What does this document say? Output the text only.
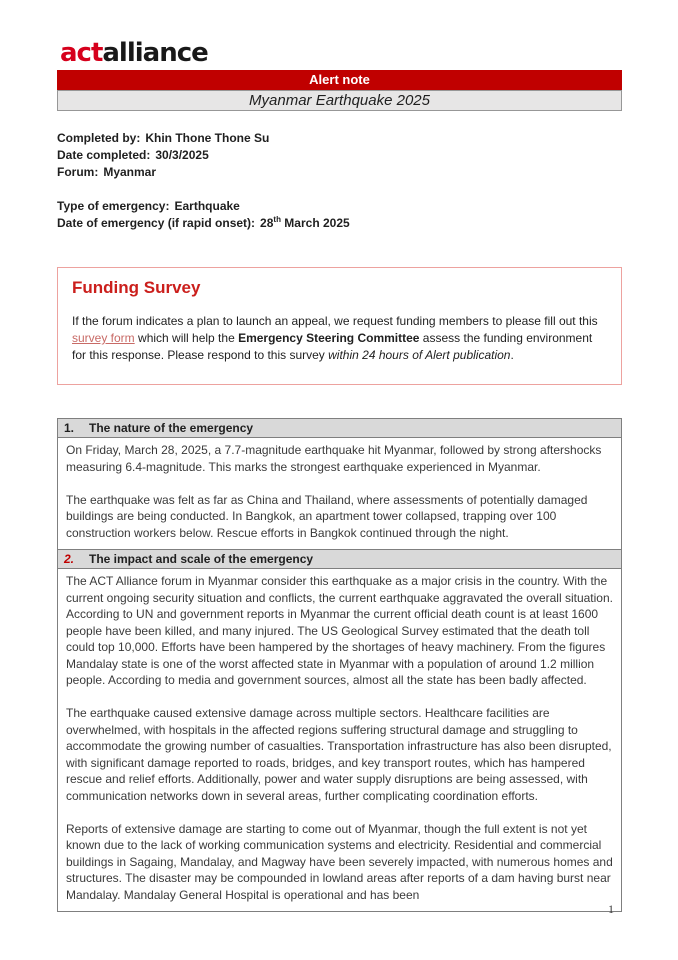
actalliance
Alert note
Myanmar Earthquake 2025

Completed by: Khin Thone Thone Su

Date completed: 30/3/2025

Forum: Myanmar

Type of emergency: Earthquake

Date of emergency (if rapid onset): 28th March 2025

Funding Survey

If the forum indicates a plan to launch an appeal, we request funding members to please fill out this survey form which will help the Emergency Steering Committee assess the funding environment for this response. Please respond to this survey within 24 hours of Alert publication.

1. The nature of the emergency

On Friday, March 28, 2025, a 7.7-magnitude earthquake hit Myanmar, followed by strong aftershocks measuring 6.4-magnitude. This marks the strongest earthquake experienced in Myanmar.

The earthquake was felt as far as China and Thailand, where assessments of potentially damaged buildings are being conducted. In Bangkok, an apartment tower collapsed, trapping over 100 construction workers below. Rescue efforts in Bangkok continued through the night.

2. The impact and scale of the emergency

The ACT Alliance forum in Myanmar consider this earthquake as a major crisis in the country. With the current ongoing security situation and conflicts, the current earthquake aggravated the overall situation. According to UN and government reports in Myanmar the current official death count is at least 1600 people have been killed, and many injured. The US Geological Survey estimated that the death toll could top 10,000. Efforts have been hampered by the shortages of heavy machinery. From the figures Mandalay state is one of the worst affected state in Myanmar with a population of around 1.2 million people. According to media and government sources, almost all the state has been badly affected.

The earthquake caused extensive damage across multiple sectors. Healthcare facilities are overwhelmed, with hospitals in the affected regions suffering structural damage and struggling to accommodate the growing number of casualties. Transportation infrastructure has also been disrupted, with significant damage reported to roads, bridges, and key transport routes, which has hampered rescue and relief efforts. Additionally, power and water supply disruptions are being assessed, with communication networks down in several areas, further complicating coordination efforts.

Reports of extensive damage are starting to come out of Myanmar, though the full extent is not yet known due to the lack of working communication systems and electricity. Residential and commercial buildings in Sagaing, Mandalay, and Magway have been severely impacted, with numerous homes and structures. The disaster may be compounded in lowland areas after reports of a dam having burst near Mandalay. Mandalay General Hospital is operational and has been

1
